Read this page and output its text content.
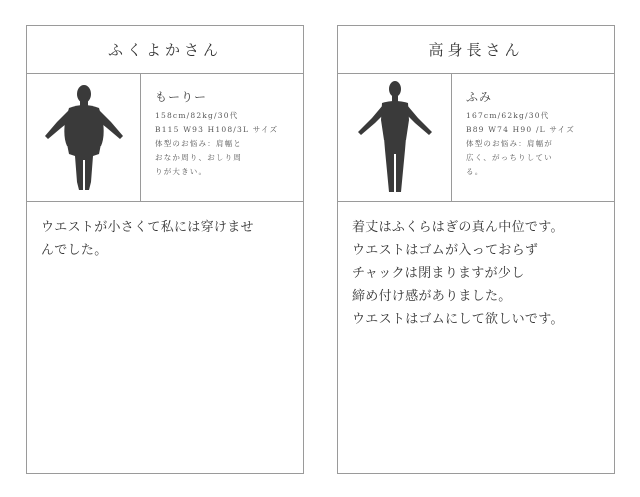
ふくよかさん
もーりー
158cm/82kg/30代
B115 W93 H108/3L サイズ
体型のお悩み：肩幅と
おなか周り、おしり周
りが大きい。
ウエストが小さくて私には穿けませ
んでした。
高身長さん
ふみ
167cm/62kg/30代
B89 W74 H90 /L サイズ
体型のお悩み：肩幅が
広く、がっちりしてい
る。
着丈はふくらはぎの真ん中位です。
ウエストはゴムが入っておらず
チャックは閉まりますが少し
締め付け感がありました。
ウエストはゴムにして欲しいです。
